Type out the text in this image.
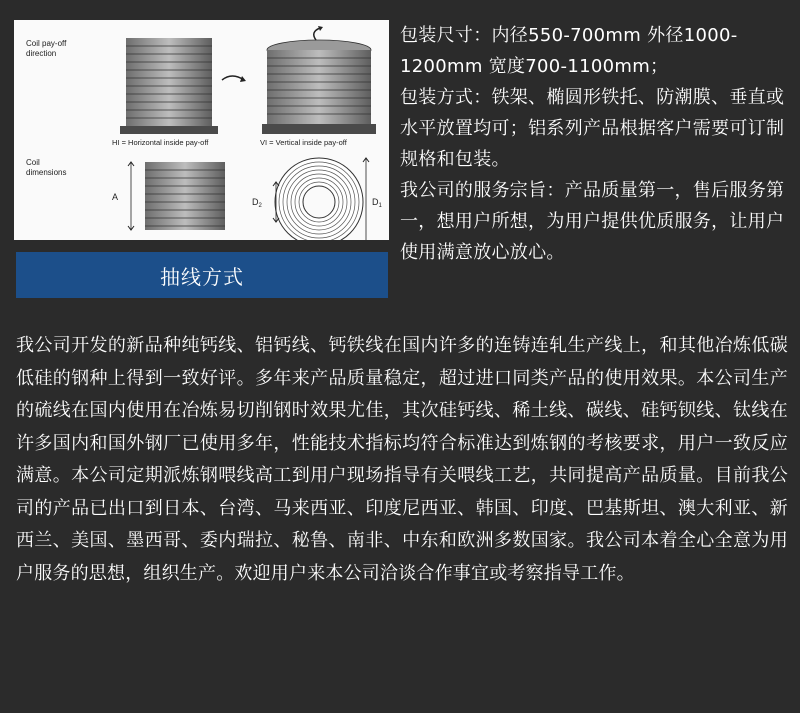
Coil pay-off
direction
HI = Horizontal inside pay-off	VI = Vertical inside pay-off
Coil
dimensions
A	$D_2$	$D_1$
抽线方式

包装尺寸：内径550-700mm 外径1000-1200mm 宽度700-1100mm；

包装方式：铁架、椭圆形铁托、防潮膜、垂直或水平放置均可；铝系列产品根据客户需要可订制规格和包装。

我公司的服务宗旨：产品质量第一，售后服务第一，想用户所想，为用户提供优质服务，让用户使用满意放心放心。

我公司开发的新品种纯钙线、铝钙线、钙铁线在国内许多的连铸连轧生产线上，和其他冶炼低碳低硅的钢种上得到一致好评。多年来产品质量稳定，超过进口同类产品的使用效果。本公司生产的硫线在国内使用在冶炼易切削钢时效果尤佳，其次硅钙线、稀土线、碳线、硅钙钡线、钛线在许多国内和国外钢厂已使用多年，性能技术指标均符合标准达到炼钢的考核要求，用户一致反应满意。本公司定期派炼钢喂线高工到用户现场指导有关喂线工艺，共同提高产品质量。目前我公司的产品已出口到日本、台湾、马来西亚、印度尼西亚、韩国、印度、巴基斯坦、澳大利亚、新西兰、美国、墨西哥、委内瑞拉、秘鲁、南非、中东和欧洲多数国家。我公司本着全心全意为用户服务的思想，组织生产。欢迎用户来本公司洽谈合作事宜或考察指导工作。
